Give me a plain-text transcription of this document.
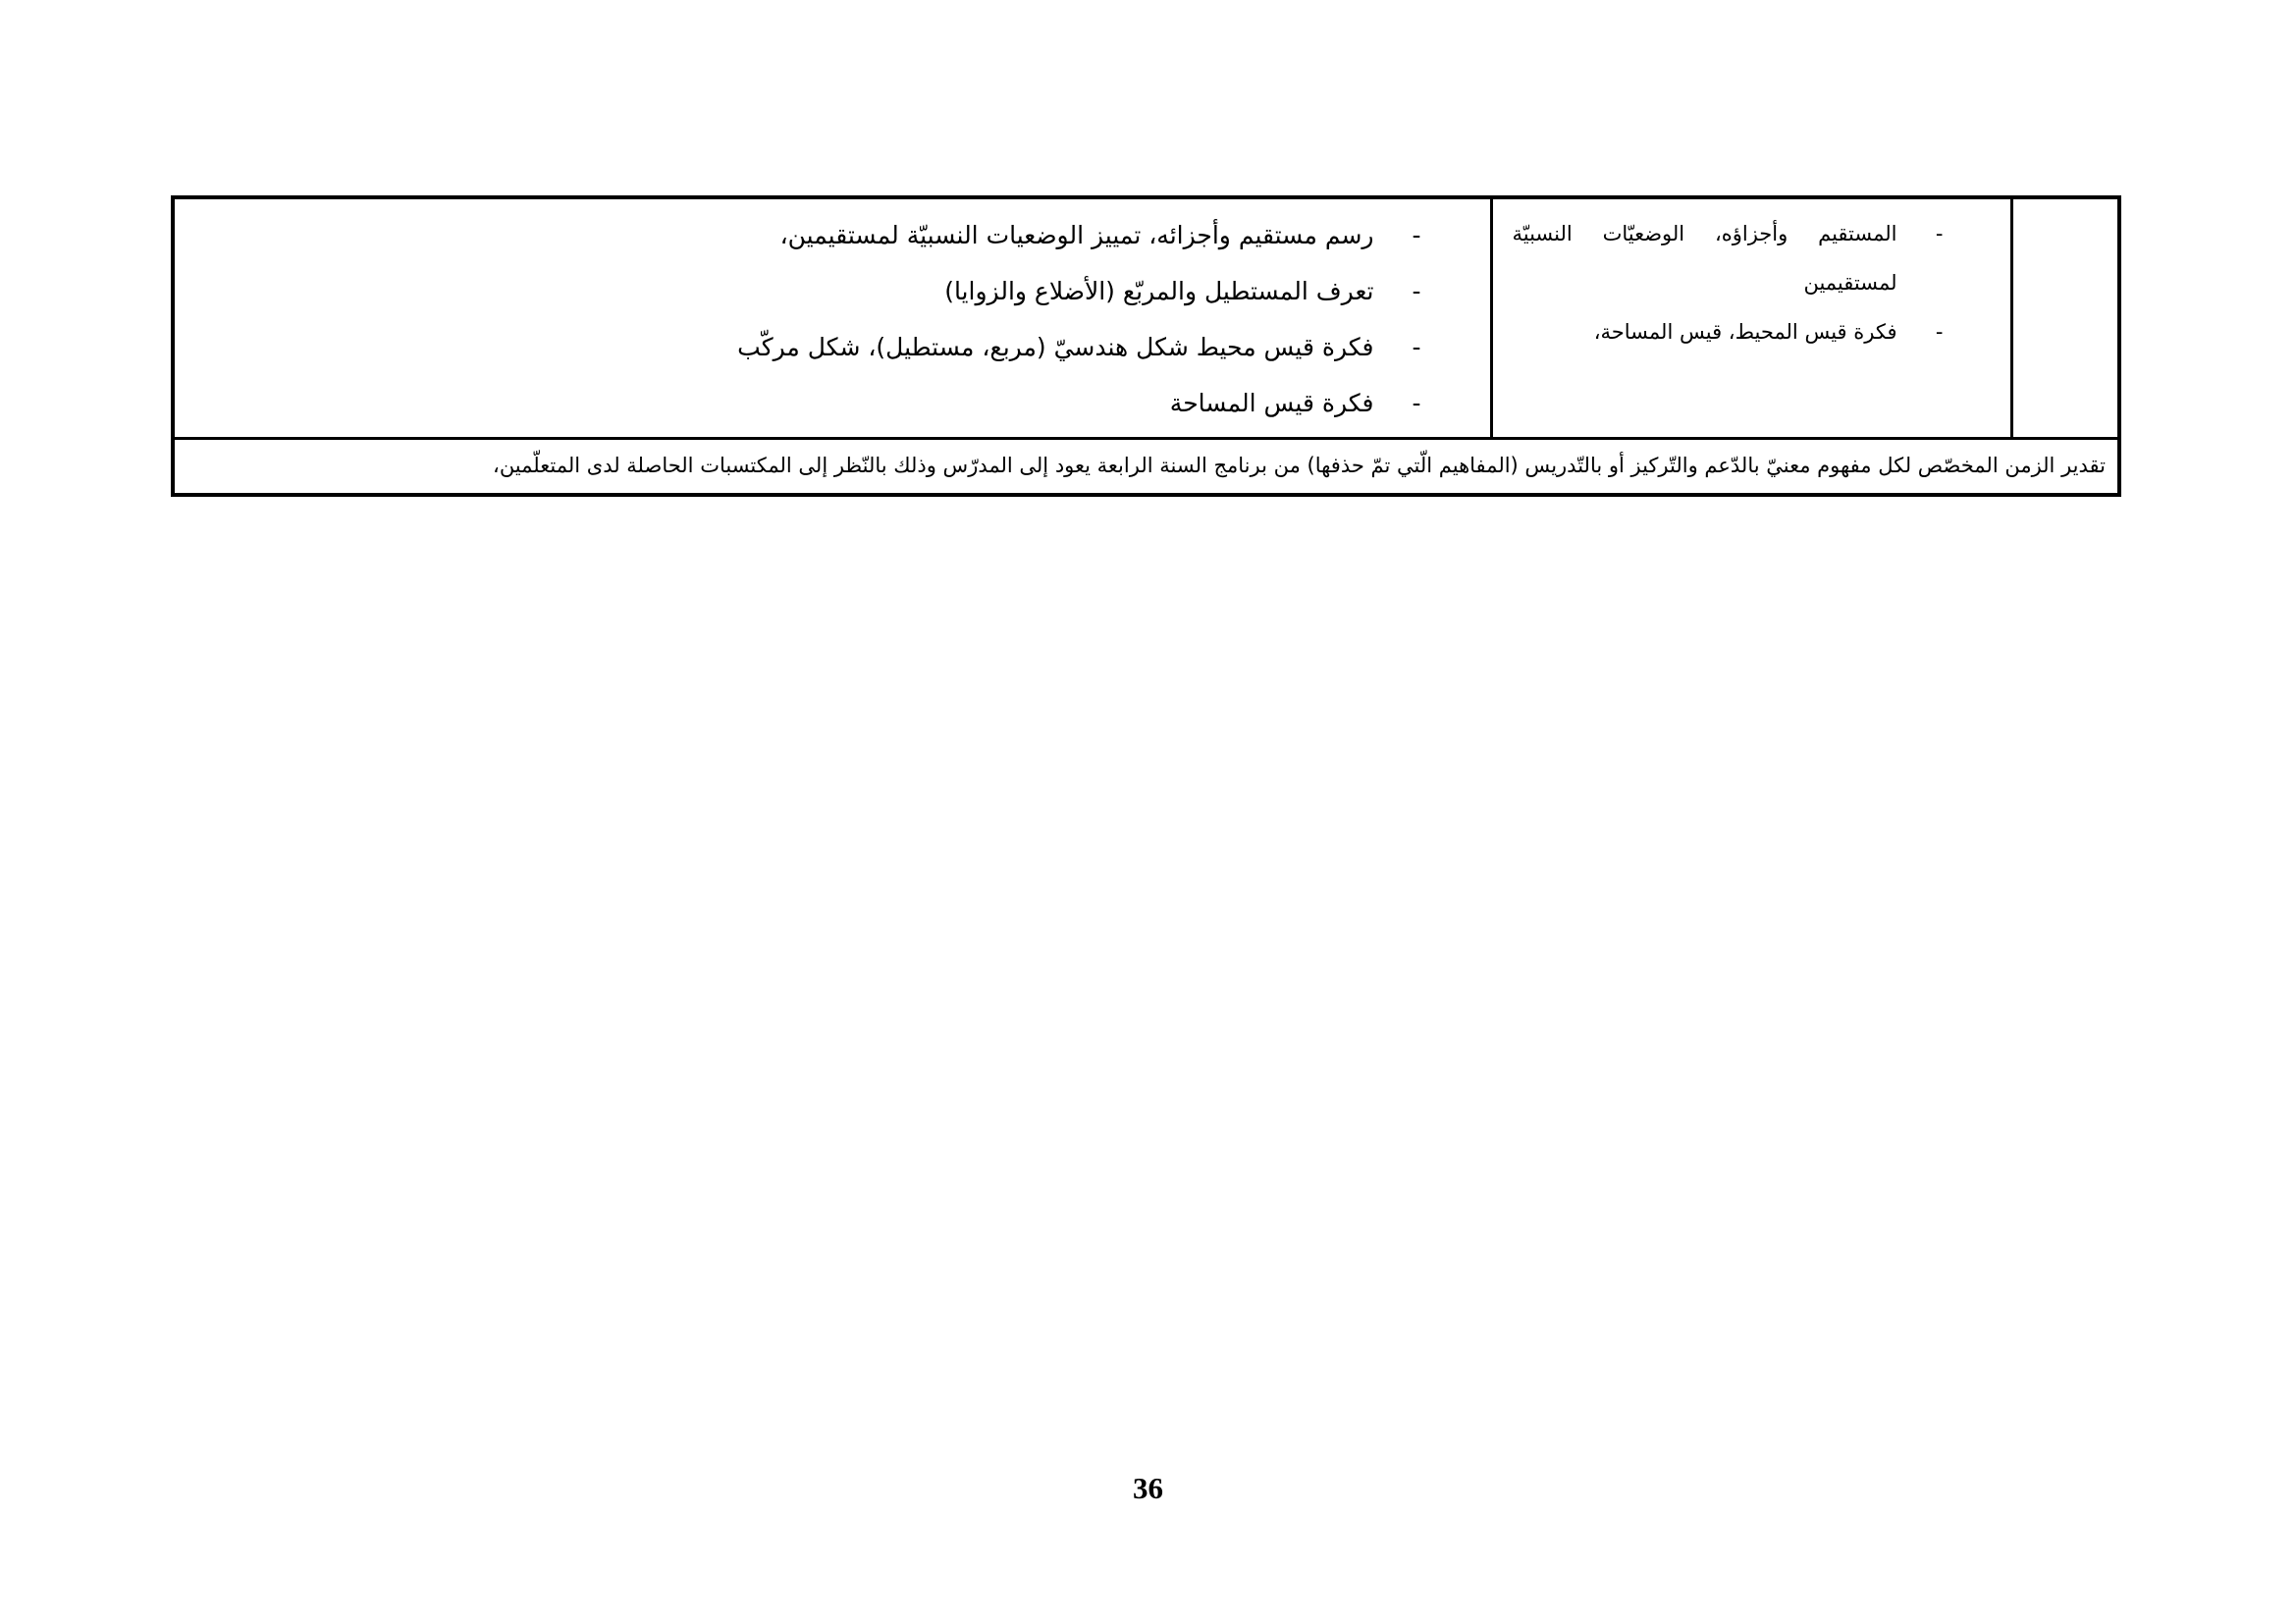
-
المستقيم وأجزاؤه، الوضعيّات النسبيّة لمستقيمين
-
فكرة قيس المحيط، قيس المساحة،

-
رسم مستقيم وأجزائه، تمييز الوضعيات النسبيّة لمستقيمين،
-
تعرف المستطيل والمربّع (الأضلاع والزوايا)
-
فكرة قيس محيط شكل هندسيّ (مربع، مستطيل)، شكل مركّب
-
فكرة قيس المساحة

تقدير الزمن المخصّص لكل مفهوم معنيّ بالدّعم والتّركيز أو بالتّدريس (المفاهيم الّتي تمّ حذفها) من برنامج السنة الرابعة يعود إلى المدرّس وذلك بالنّظر إلى المكتسبات الحاصلة لدى المتعلّمين،
36
